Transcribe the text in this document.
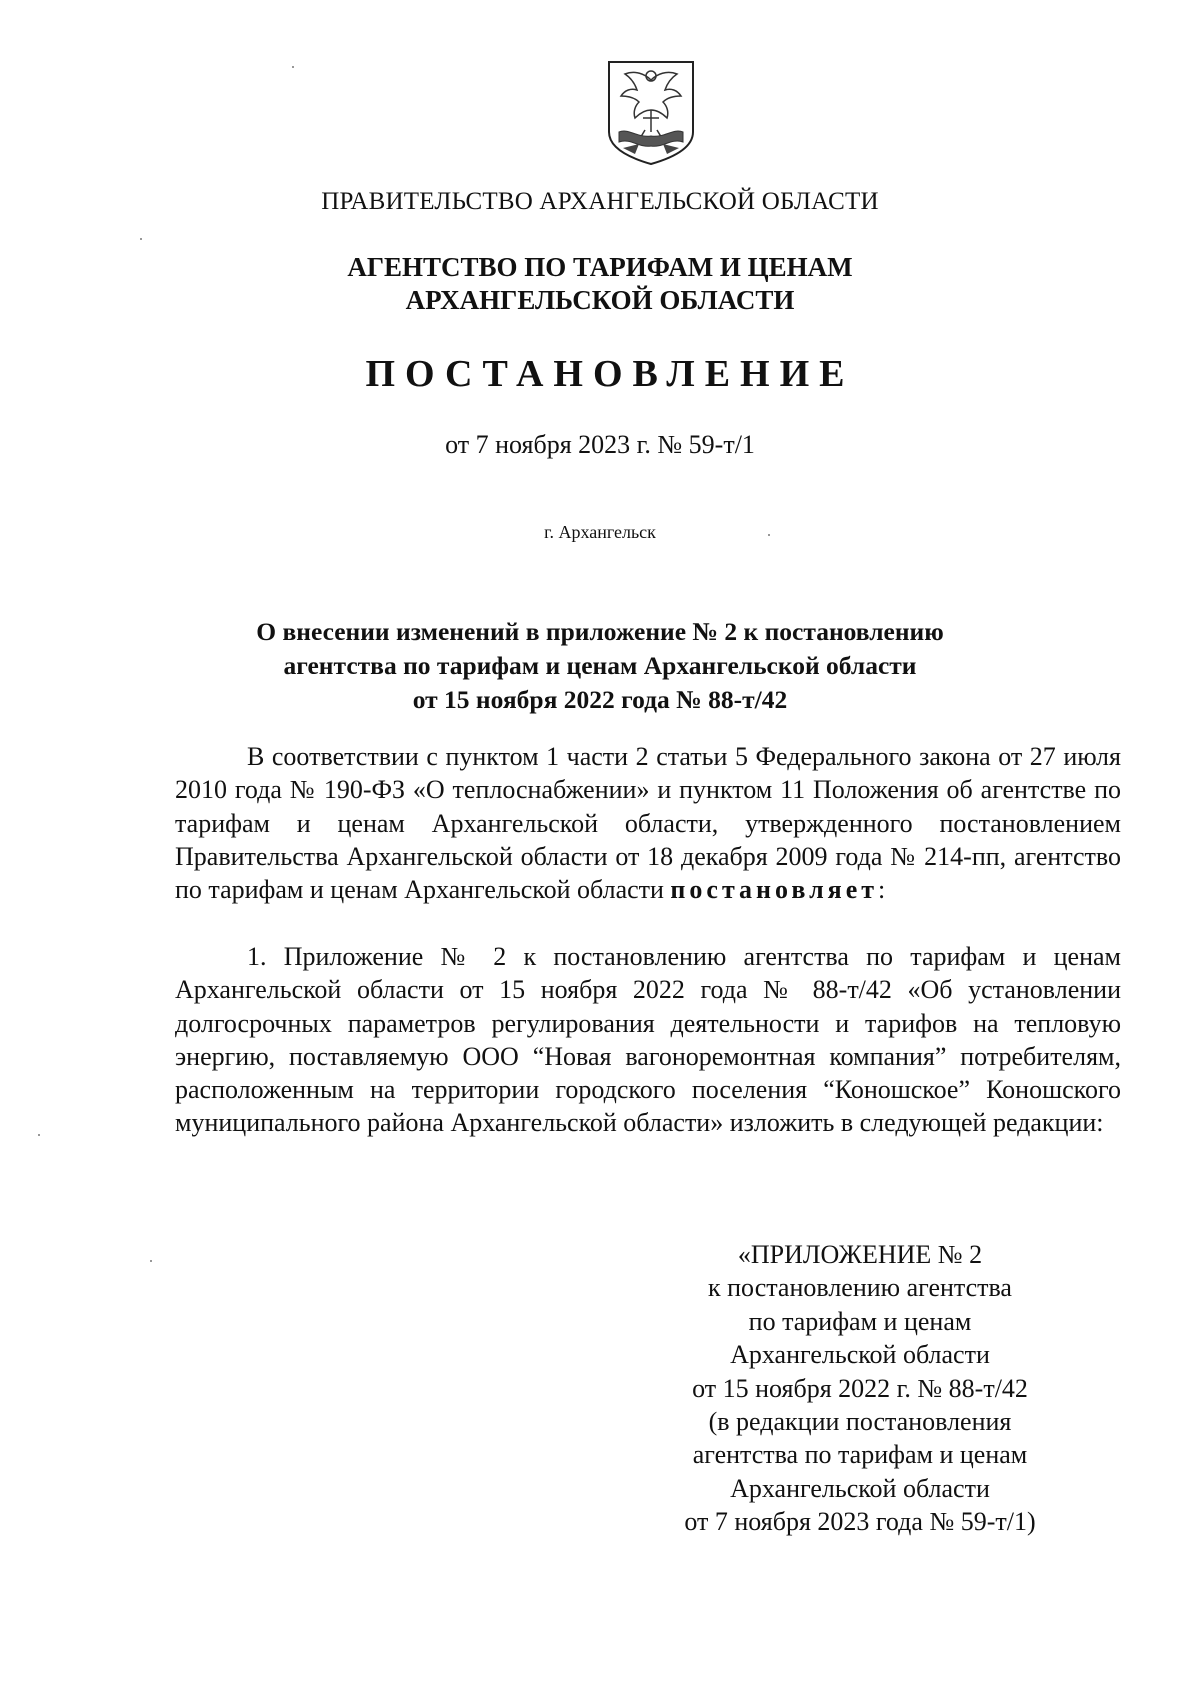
ПРАВИТЕЛЬСТВО АРХАНГЕЛЬСКОЙ ОБЛАСТИ
АГЕНТСТВО ПО ТАРИФАМ И ЦЕНАМ
АРХАНГЕЛЬСКОЙ ОБЛАСТИ
ПОСТАНОВЛЕНИЕ
от 7 ноября 2023 г. № 59-т/1
г. Архангельск
О внесении изменений в приложение № 2 к постановлению
агентства по тарифам и ценам Архангельской области
от 15 ноября 2022 года № 88-т/42

В соответствии с пунктом 1 части 2 статьи 5 Федерального закона от 27 июля 2010 года № 190-ФЗ «О теплоснабжении» и пунктом 11 Положения об агентстве по тарифам и ценам Архангельской области, утвержденного постановлением Правительства Архангельской области от 18 декабря 2009 года № 214-пп, агентство по тарифам и ценам Архангельской области постановляет:

1. Приложение № 2 к постановлению агентства по тарифам и ценам Архангельской области от 15 ноября 2022 года № 88-т/42 «Об установлении долгосрочных параметров регулирования деятельности и тарифов на тепловую энергию, поставляемую ООО “Новая вагоноремонтная компания” потребителям, расположенным на территории городского поселения “Коношское” Коношского муниципального района Архангельской области» изложить в следующей редакции:

«ПРИЛОЖЕНИЕ № 2
к постановлению агентства
по тарифам и ценам
Архангельской области
от 15 ноября 2022 г. № 88-т/42
(в редакции постановления
агентства по тарифам и ценам
Архангельской области
от 7 ноября 2023 года № 59-т/1)
